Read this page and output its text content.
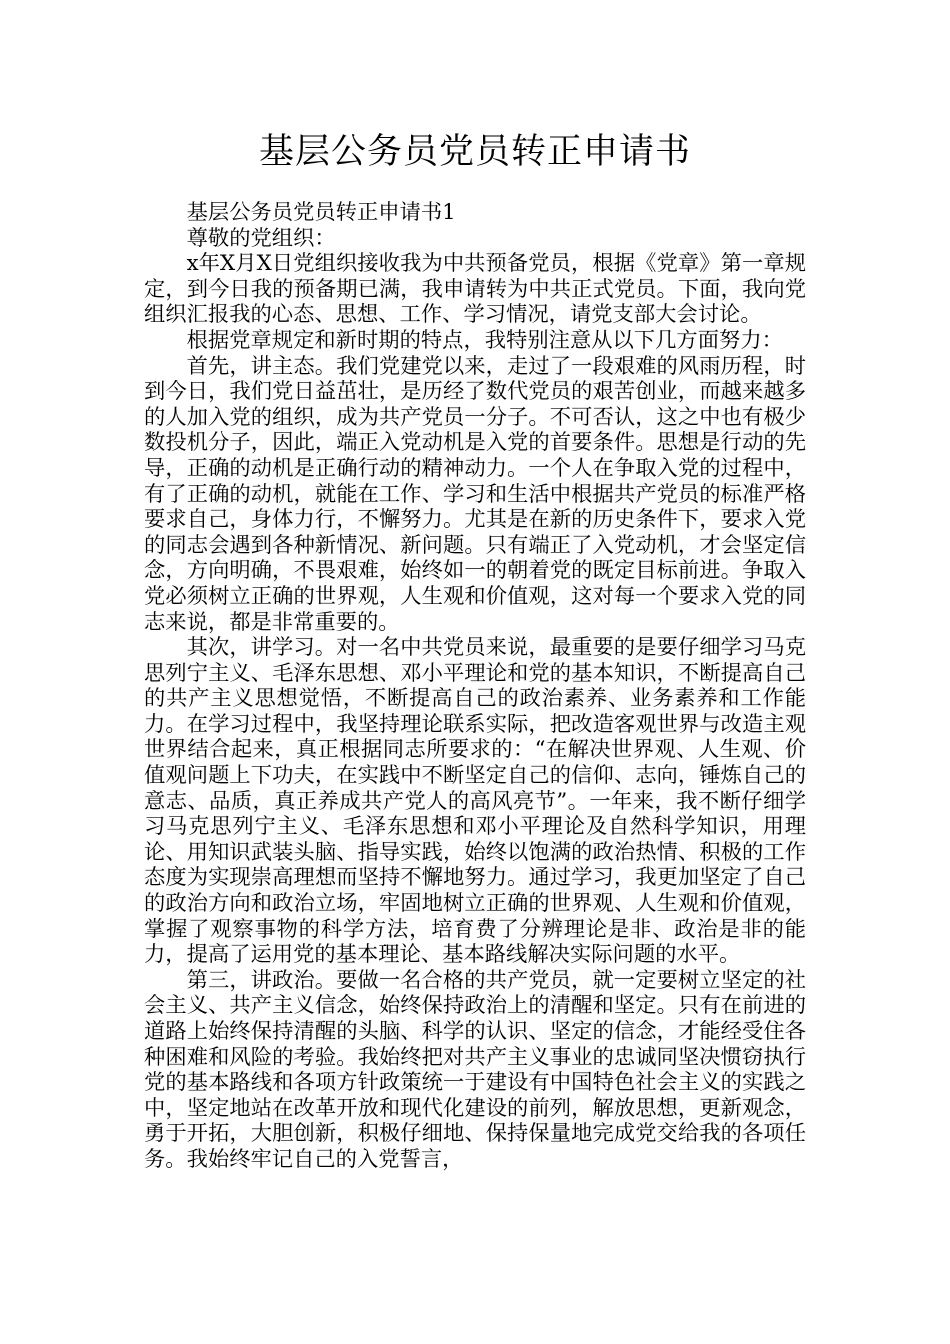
基层公务员党员转正申请书

基层公务员党员转正申请书1

尊敬的党组织：

x年X月X日党组织接收我为中共预备党员，根据《党章》第一章规定，到今日我的预备期已满，我申请转为中共正式党员。下面，我向党组织汇报我的心态、思想、工作、学习情况，请党支部大会讨论。

根据党章规定和新时期的特点，我特别注意从以下几方面努力：

首先，讲主态。我们党建党以来，走过了一段艰难的风雨历程，时到今日，我们党日益茁壮，是历经了数代党员的艰苦创业，而越来越多的人加入党的组织，成为共产党员一分子。不可否认，这之中也有极少数投机分子，因此，端正入党动机是入党的首要条件。思想是行动的先导，正确的动机是正确行动的精神动力。一个人在争取入党的过程中，有了正确的动机，就能在工作、学习和生活中根据共产党员的标准严格要求自己，身体力行，不懈努力。尤其是在新的历史条件下，要求入党的同志会遇到各种新情况、新问题。只有端正了入党动机，才会坚定信念，方向明确，不畏艰难，始终如一的朝着党的既定目标前进。争取入党必须树立正确的世界观，人生观和价值观，这对每一个要求入党的同志来说，都是非常重要的。

其次，讲学习。对一名中共党员来说，最重要的是要仔细学习马克思列宁主义、毛泽东思想、邓小平理论和党的基本知识，不断提高自己的共产主义思想觉悟，不断提高自己的政治素养、业务素养和工作能力。在学习过程中，我坚持理论联系实际，把改造客观世界与改造主观世界结合起来，真正根据同志所要求的：“在解决世界观、人生观、价值观问题上下功夫，在实践中不断坚定自己的信仰、志向，锤炼自己的意志、品质，真正养成共产党人的高风亮节”。一年来，我不断仔细学习马克思列宁主义、毛泽东思想和邓小平理论及自然科学知识，用理论、用知识武装头脑、指导实践，始终以饱满的政治热情、积极的工作态度为实现崇高理想而坚持不懈地努力。通过学习，我更加坚定了自己的政治方向和政治立场，牢固地树立正确的世界观、人生观和价值观，掌握了观察事物的科学方法，培育费了分辨理论是非、政治是非的能力，提高了运用党的基本理论、基本路线解决实际问题的水平。

第三，讲政治。要做一名合格的共产党员，就一定要树立坚定的社会主义、共产主义信念，始终保持政治上的清醒和坚定。只有在前进的道路上始终保持清醒的头脑、科学的认识、坚定的信念，才能经受住各种困难和风险的考验。我始终把对共产主义事业的忠诚同坚决惯窃执行党的基本路线和各项方针政策统一于建设有中国特色社会主义的实践之中，坚定地站在改革开放和现代化建设的前列，解放思想，更新观念，勇于开拓，大胆创新，积极仔细地、保持保量地完成党交给我的各项任务。我始终牢记自己的入党誓言，
